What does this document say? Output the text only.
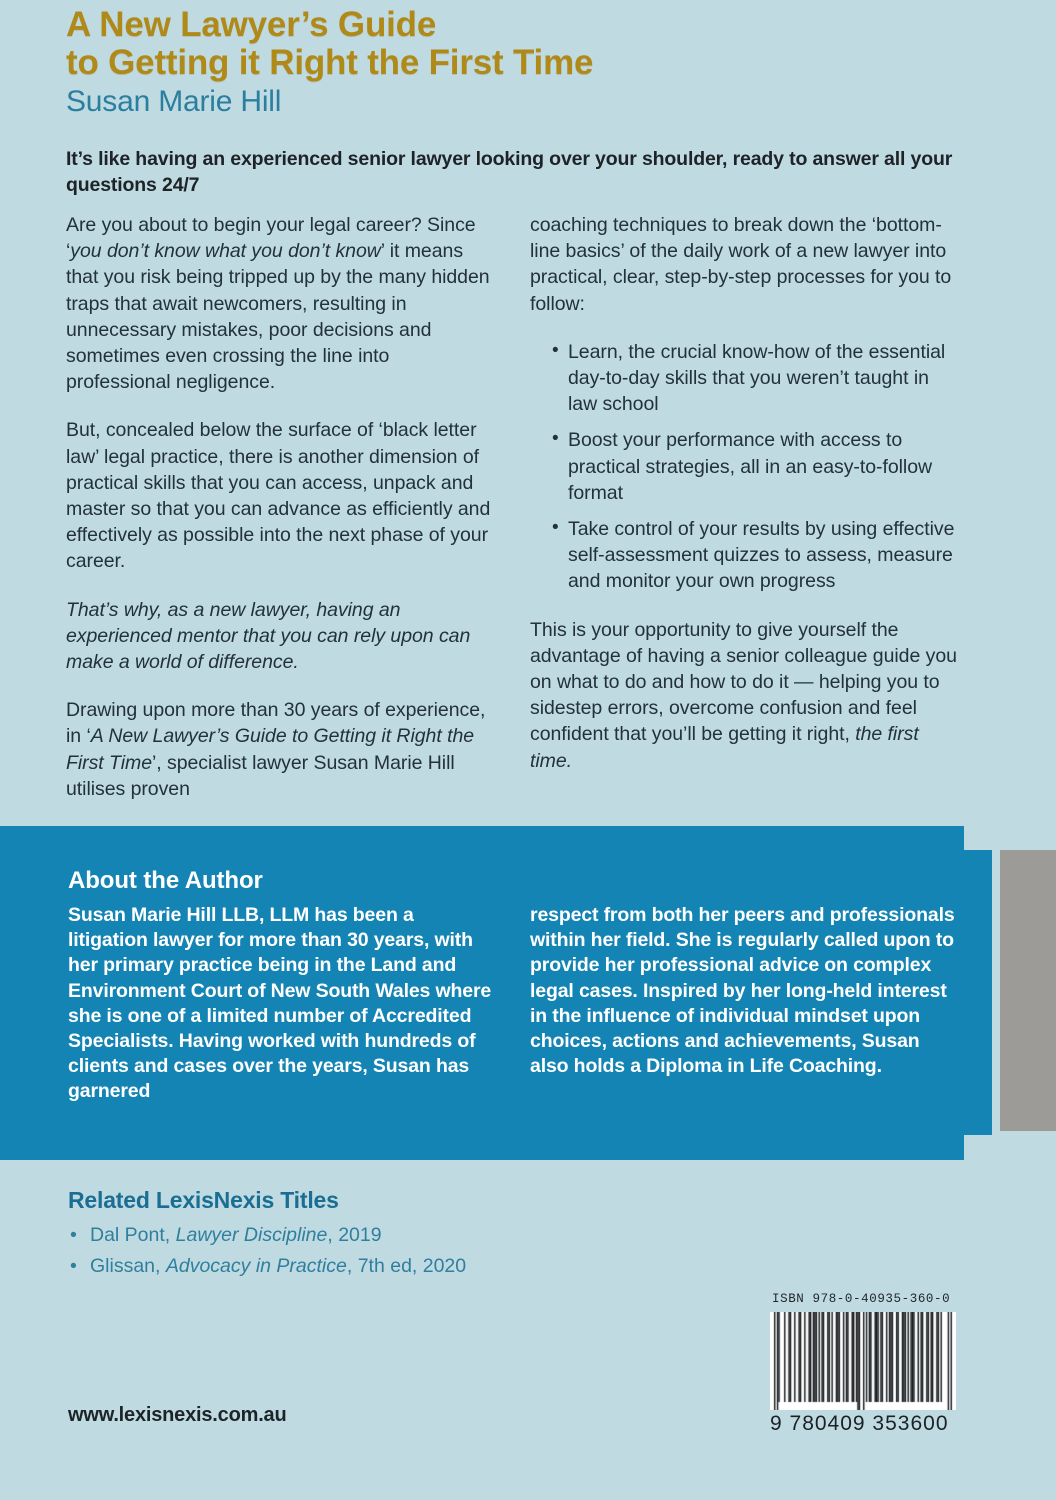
A New Lawyer’s Guide
to Getting it Right the First Time
Susan Marie Hill
It’s like having an experienced senior lawyer looking over your shoulder, ready to answer all your questions 24/7

Are you about to begin your legal career? Since ‘you don’t know what you don’t know’ it means that you risk being tripped up by the many hidden traps that await newcomers, resulting in unnecessary mistakes, poor decisions and sometimes even crossing the line into professional negligence.

But, concealed below the surface of ‘black letter law’ legal practice, there is another dimension of practical skills that you can access, unpack and master so that you can advance as efficiently and effectively as possible into the next phase of your career.

That’s why, as a new lawyer, having an experienced mentor that you can rely upon can make a world of difference.

Drawing upon more than 30 years of experience, in ‘A New Lawyer’s Guide to Getting it Right the First Time’, specialist lawyer Susan Marie Hill utilises proven

coaching techniques to break down the ‘bottom-line basics’ of the daily work of a new lawyer into practical, clear, step-by-step processes for you to follow:

• Learn, the crucial know-how of the essential day-to-day skills that you weren’t taught in law school
• Boost your performance with access to practical strategies, all in an easy-to-follow format
• Take control of your results by using effective self-assessment quizzes to assess, measure and monitor your own progress

This is your opportunity to give yourself the advantage of having a senior colleague guide you on what to do and how to do it — helping you to sidestep errors, overcome confusion and feel confident that you’ll be getting it right, the first time.

About the Author
Susan Marie Hill LLB, LLM has been a litigation lawyer for more than 30 years, with her primary practice being in the Land and Environment Court of New South Wales where she is one of a limited number of Accredited Specialists. Having worked with hundreds of clients and cases over the years, Susan has garnered
respect from both her peers and professionals within her field. She is regularly called upon to provide her professional advice on complex legal cases. Inspired by her long-held interest in the influence of individual mindset upon choices, actions and achievements, Susan also holds a Diploma in Life Coaching.
Related LexisNexis Titles
• Dal Pont, Lawyer Discipline, 2019
• Glissan, Advocacy in Practice, 7th ed, 2020
ISBN 978-0-40935-360-0
9 780409 353600
www.lexisnexis.com.au
